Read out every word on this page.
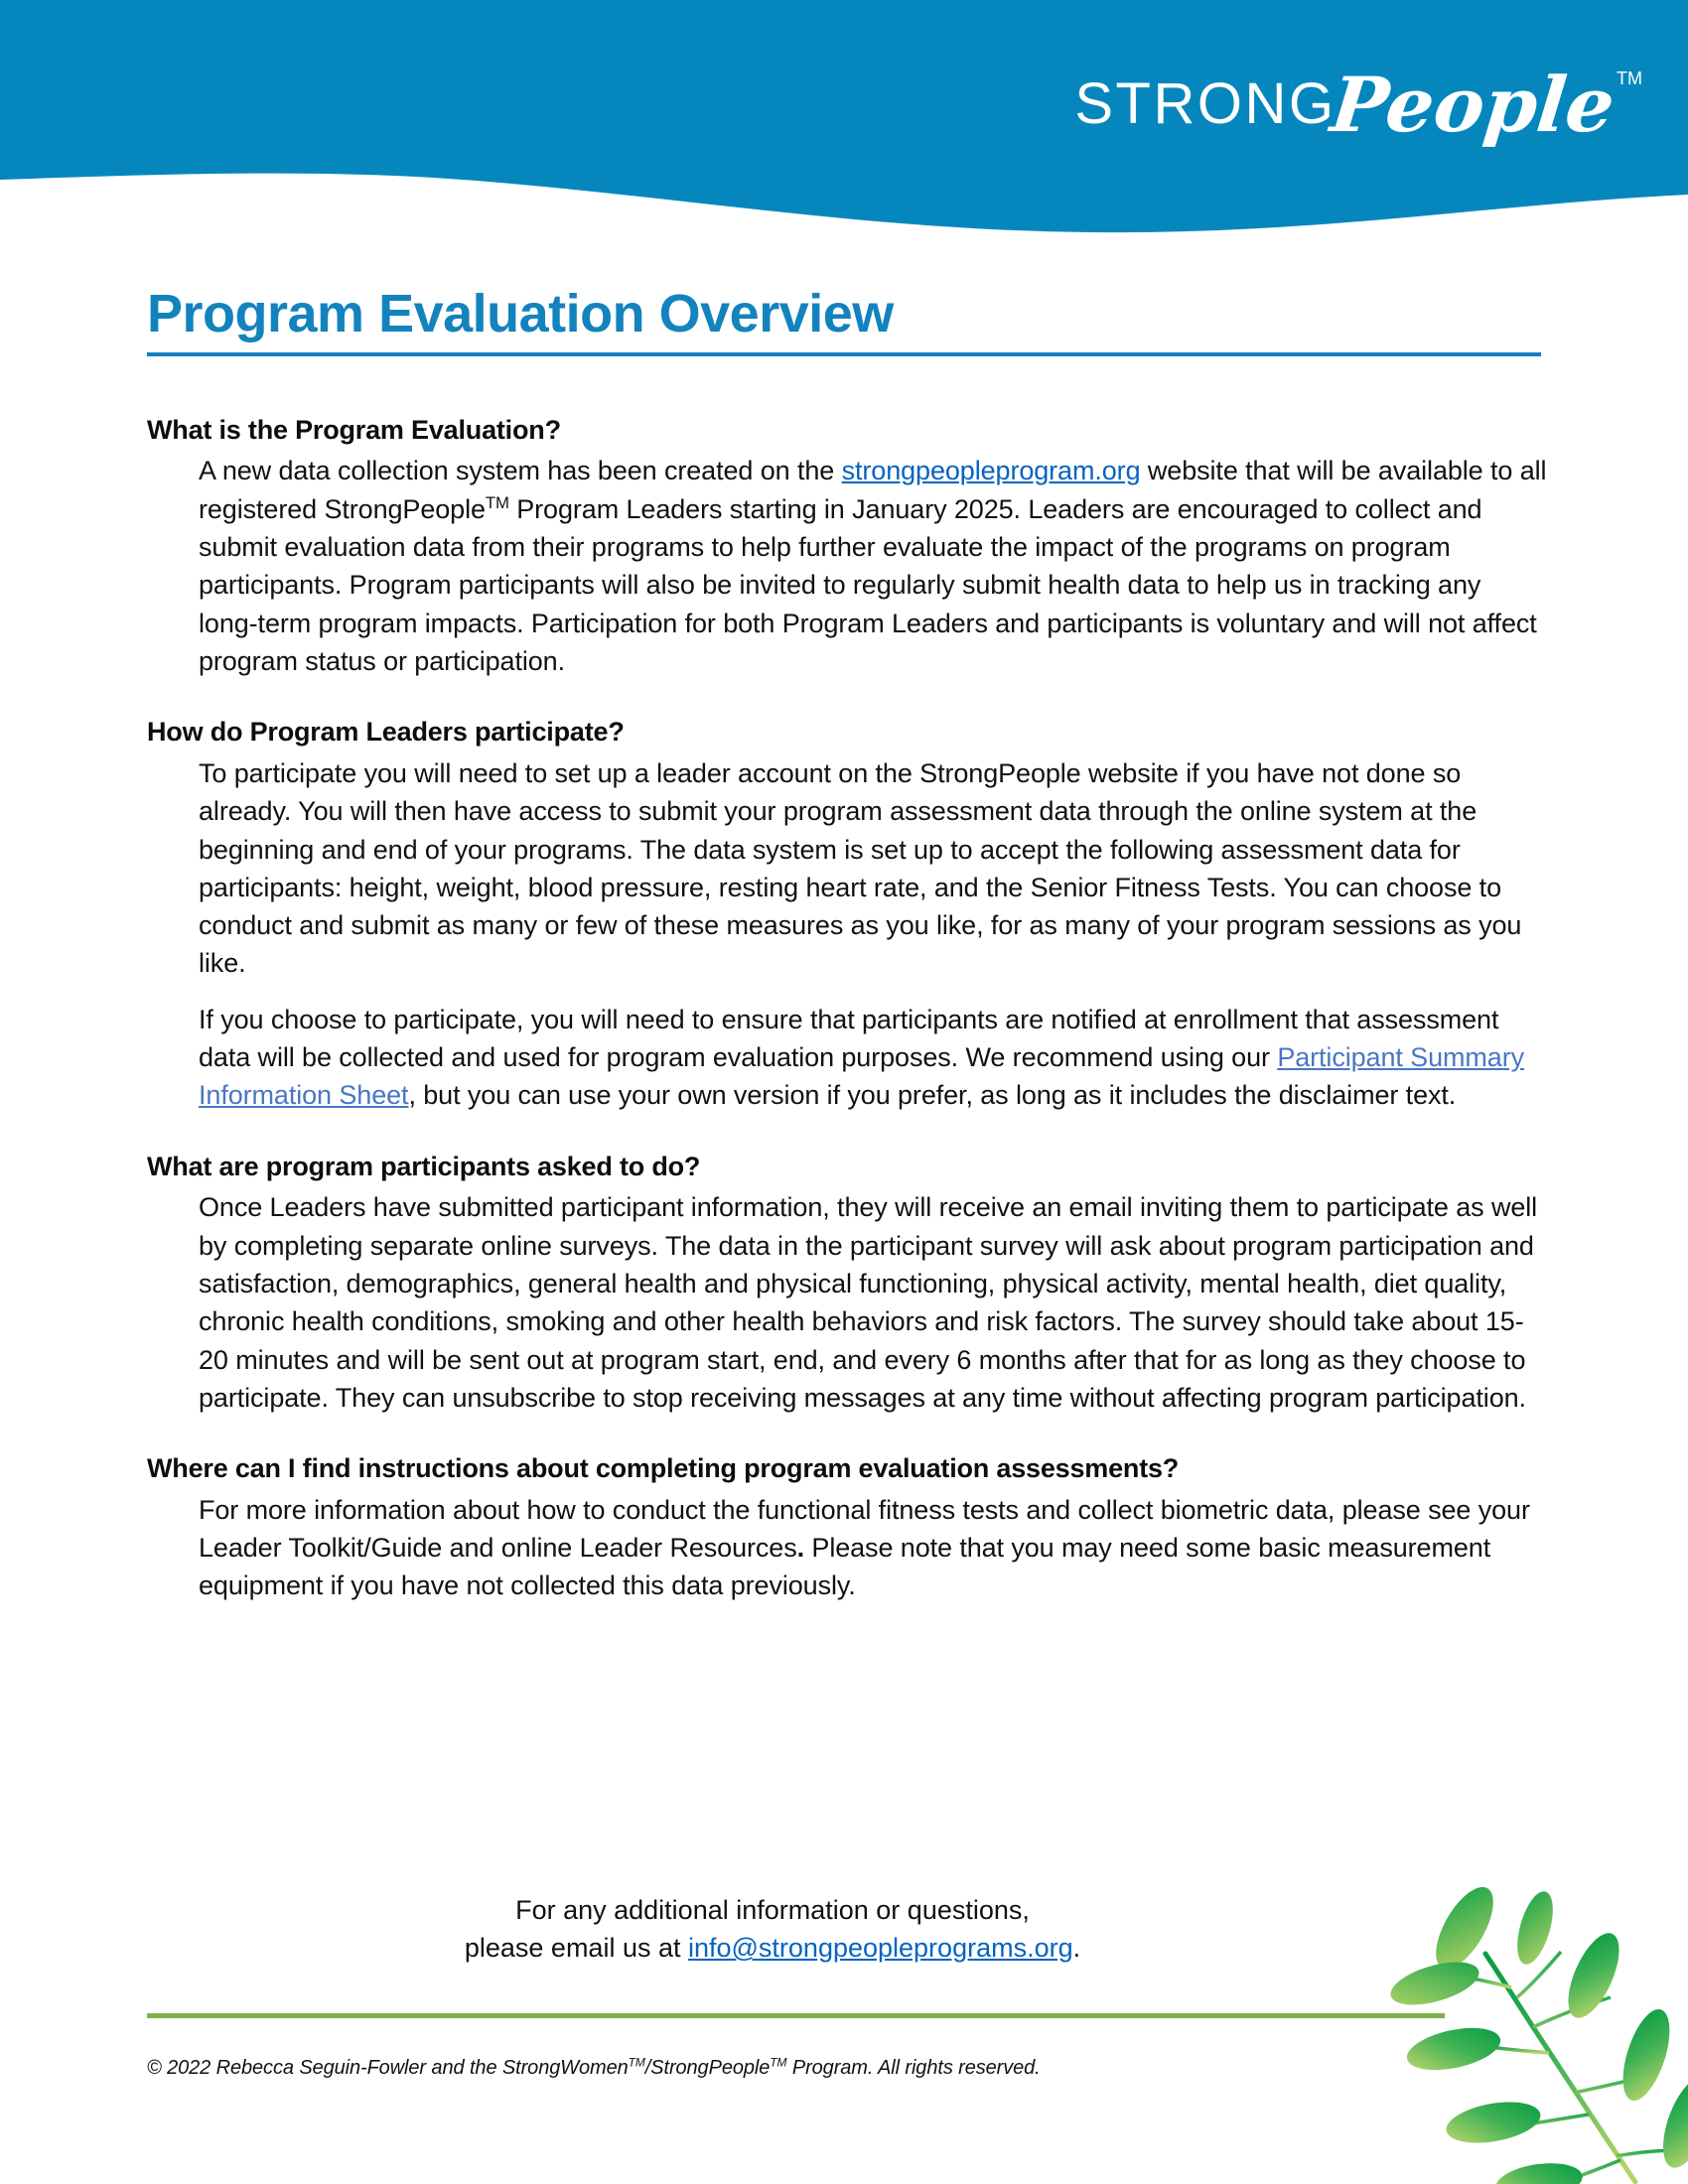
STRONG
People
TM
Program Evaluation Overview
What is the Program Evaluation?

A new data collection system has been created on the strongpeopleprogram.org website that will be available to all registered StrongPeople™ Program Leaders starting in January 2025. Leaders are encouraged to collect and submit evaluation data from their programs to help further evaluate the impact of the programs on program participants. Program participants will also be invited to regularly submit health data to help us in tracking any long-term program impacts. Participation for both Program Leaders and participants is voluntary and will not affect program status or participation.

How do Program Leaders participate?

To participate you will need to set up a leader account on the StrongPeople website if you have not done so already. You will then have access to submit your program assessment data through the online system at the beginning and end of your programs. The data system is set up to accept the following assessment data for participants: height, weight, blood pressure, resting heart rate, and the Senior Fitness Tests. You can choose to conduct and submit as many or few of these measures as you like, for as many of your program sessions as you like.

If you choose to participate, you will need to ensure that participants are notified at enrollment that assessment data will be collected and used for program evaluation purposes. We recommend using our Participant Summary Information Sheet, but you can use your own version if you prefer, as long as it includes the disclaimer text.

What are program participants asked to do?

Once Leaders have submitted participant information, they will receive an email inviting them to participate as well by completing separate online surveys. The data in the participant survey will ask about program participation and satisfaction, demographics, general health and physical functioning, physical activity, mental health, diet quality, chronic health conditions, smoking and other health behaviors and risk factors. The survey should take about 15-20 minutes and will be sent out at program start, end, and every 6 months after that for as long as they choose to participate. They can unsubscribe to stop receiving messages at any time without affecting program participation.

Where can I find instructions about completing program evaluation assessments?

For more information about how to conduct the functional fitness tests and collect biometric data, please see your Leader Toolkit/Guide and online Leader Resources. Please note that you may need some basic measurement equipment if you have not collected this data previously.

For any additional information or questions,
please email us at info@strongpeopleprograms.org.
© 2022 Rebecca Seguin-Fowler and the StrongWomen™/StrongPeople™ Program. All rights reserved.
